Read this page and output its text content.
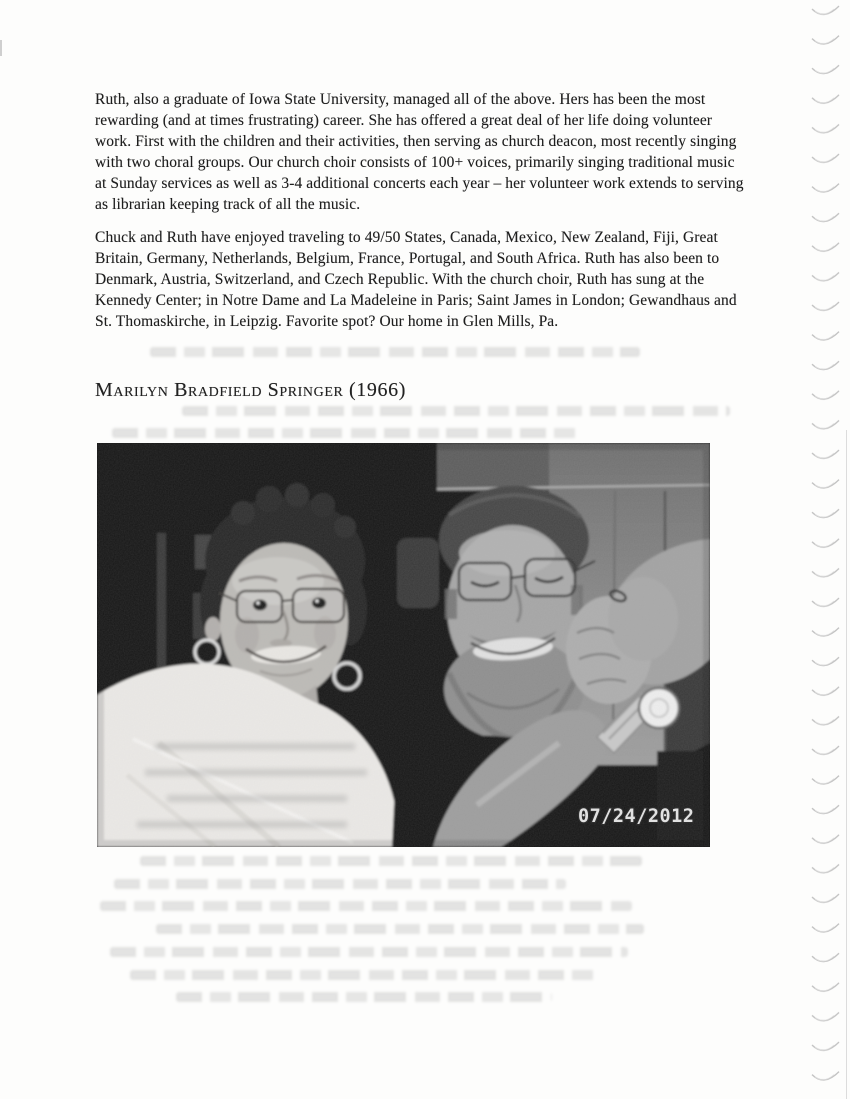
Ruth, also a graduate of Iowa State University, managed all of the above. Hers has been the most rewarding (and at times frustrating) career. She has offered a great deal of her life doing volunteer work. First with the children and their activities, then serving as church deacon, most recently singing with two choral groups. Our church choir consists of 100+ voices, primarily singing traditional music at Sunday services as well as 3-4 additional concerts each year – her volunteer work extends to serving as librarian keeping track of all the music.

Chuck and Ruth have enjoyed traveling to 49/50 States, Canada, Mexico, New Zealand, Fiji, Great Britain, Germany, Netherlands, Belgium, France, Portugal, and South Africa. Ruth has also been to Denmark, Austria, Switzerland, and Czech Republic. With the church choir, Ruth has sung at the Kennedy Center; in Notre Dame and La Madeleine in Paris; Saint James in London; Gewandhaus and St. Thomaskirche, in Leipzig. Favorite spot? Our home in Glen Mills, Pa.

Marilyn Bradfield Springer (1966)
07/24/2012
